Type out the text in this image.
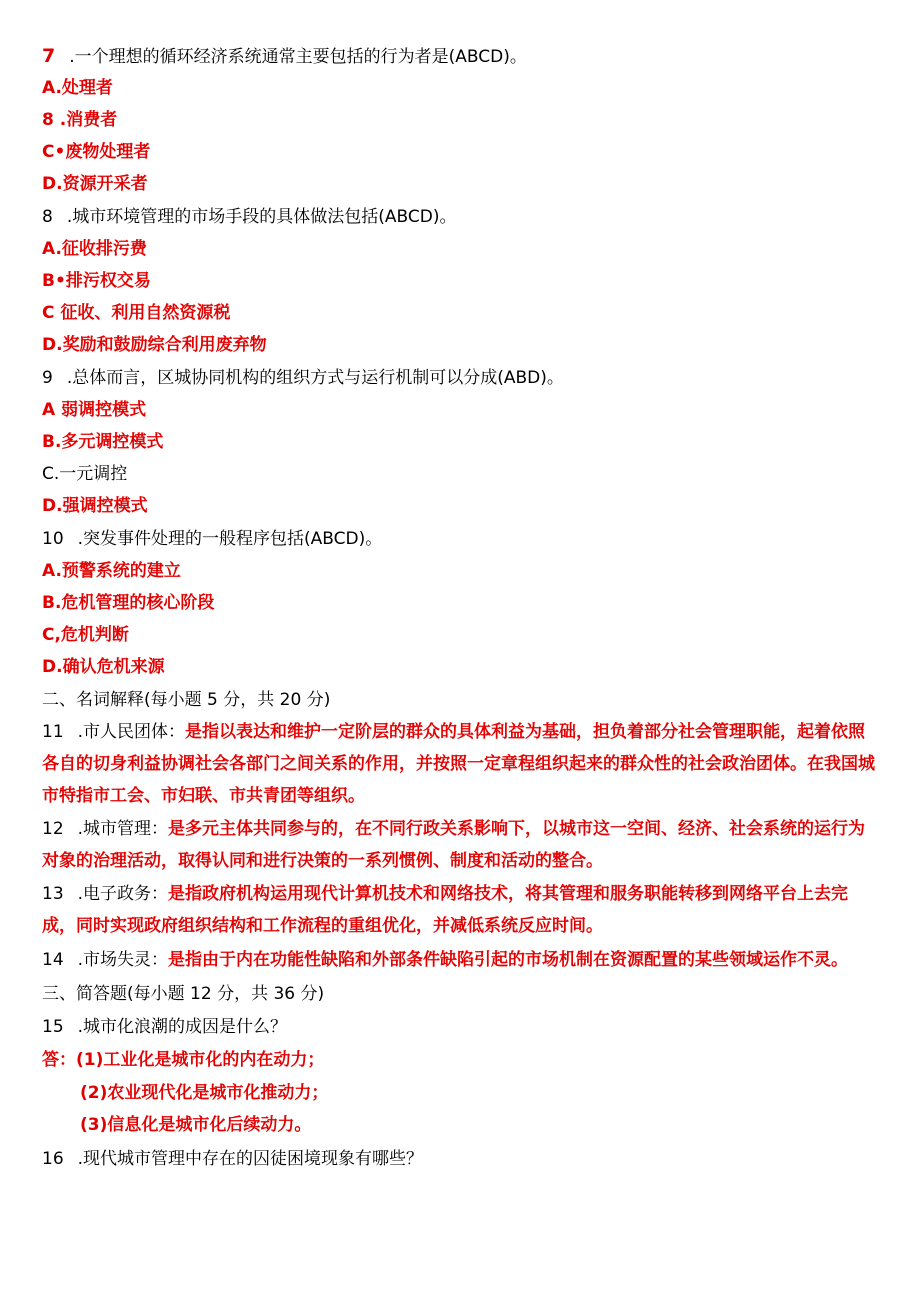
7 .一个理想的循环经济系统通常主要包括的行为者是(ABCD)。
A.处理者
8 .消费者
C•废物处理者
D.资源开采者
8 .城市环境管理的市场手段的具体做法包括(ABCD)。
A.征收排污费
B•排污权交易
C 征收、利用自然资源税
D.奖励和鼓励综合利用废弃物
9 .总体而言，区城协同机构的组织方式与运行机制可以分成(ABD)。
A 弱调控模式
B.多元调控模式
C.一元调控
D.强调控模式
10 .突发事件处理的一般程序包括(ABCD)。
A.预警系统的建立
B.危机管理的核心阶段
C,危机判断
D.确认危机来源
二、名词解释(每小题 5 分，共 20 分)
11 .市人民团体：是指以表达和维护一定阶层的群众的具体利益为基础，担负着部分社会管理职能，起着依照各自的切身利益协调社会各部门之间关系的作用，并按照一定章程组织起来的群众性的社会政治团体。在我国城市特指市工会、市妇联、市共青团等组织。
12 .城市管理：是多元主体共同参与的，在不同行政关系影响下，以城市这一空间、经济、社会系统的运行为对象的治理活动，取得认同和进行决策的一系列惯例、制度和活动的整合。
13 .电子政务：是指政府机构运用现代计算机技术和网络技术，将其管理和服务职能转移到网络平台上去完成，同时实现政府组织结构和工作流程的重组优化，并减低系统反应时间。
14 .市场失灵：是指由于内在功能性缺陷和外部条件缺陷引起的市场机制在资源配置的某些领域运作不灵。
三、简答题(每小题 12 分，共 36 分)
15 .城市化浪潮的成因是什么？
答：(1)工业化是城市化的内在动力；
(2)农业现代化是城市化推动力；
(3)信息化是城市化后续动力。
16 .现代城市管理中存在的囚徒困境现象有哪些？
